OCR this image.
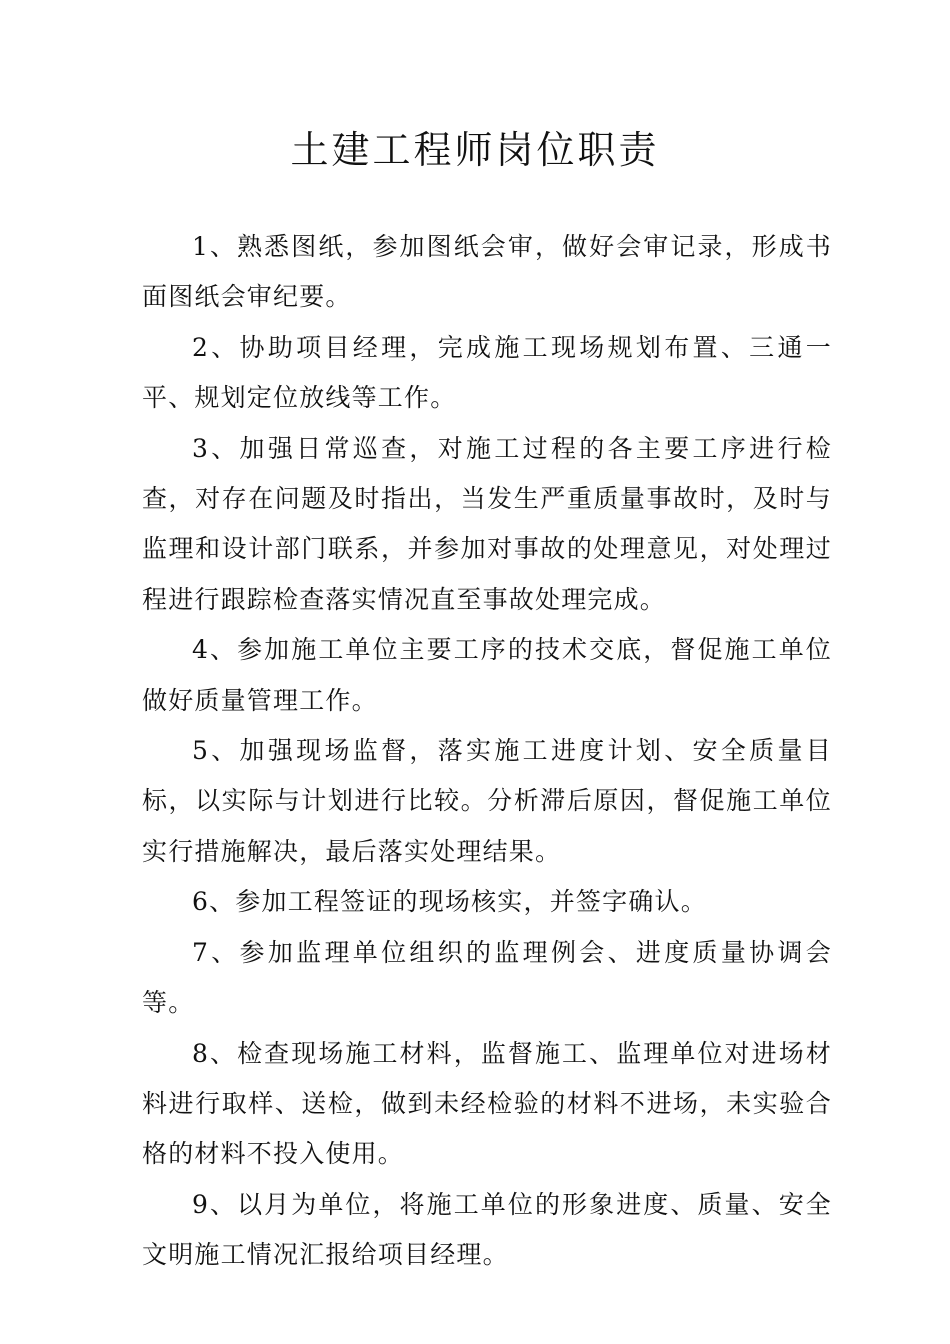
土建工程师岗位职责

1、熟悉图纸，参加图纸会审，做好会审记录，形成书面图纸会审纪要。

2、协助项目经理，完成施工现场规划布置、三通一平、规划定位放线等工作。

3、加强日常巡查，对施工过程的各主要工序进行检查，对存在问题及时指出，当发生严重质量事故时，及时与监理和设计部门联系，并参加对事故的处理意见，对处理过程进行跟踪检查落实情况直至事故处理完成。

4、参加施工单位主要工序的技术交底，督促施工单位做好质量管理工作。

5、加强现场监督，落实施工进度计划、安全质量目标，以实际与计划进行比较。分析滞后原因，督促施工单位实行措施解决，最后落实处理结果。

6、参加工程签证的现场核实，并签字确认。

7、参加监理单位组织的监理例会、进度质量协调会等。

8、检查现场施工材料，监督施工、监理单位对进场材料进行取样、送检，做到未经检验的材料不进场，未实验合格的材料不投入使用。

9、以月为单位，将施工单位的形象进度、质量、安全文明施工情况汇报给项目经理。
